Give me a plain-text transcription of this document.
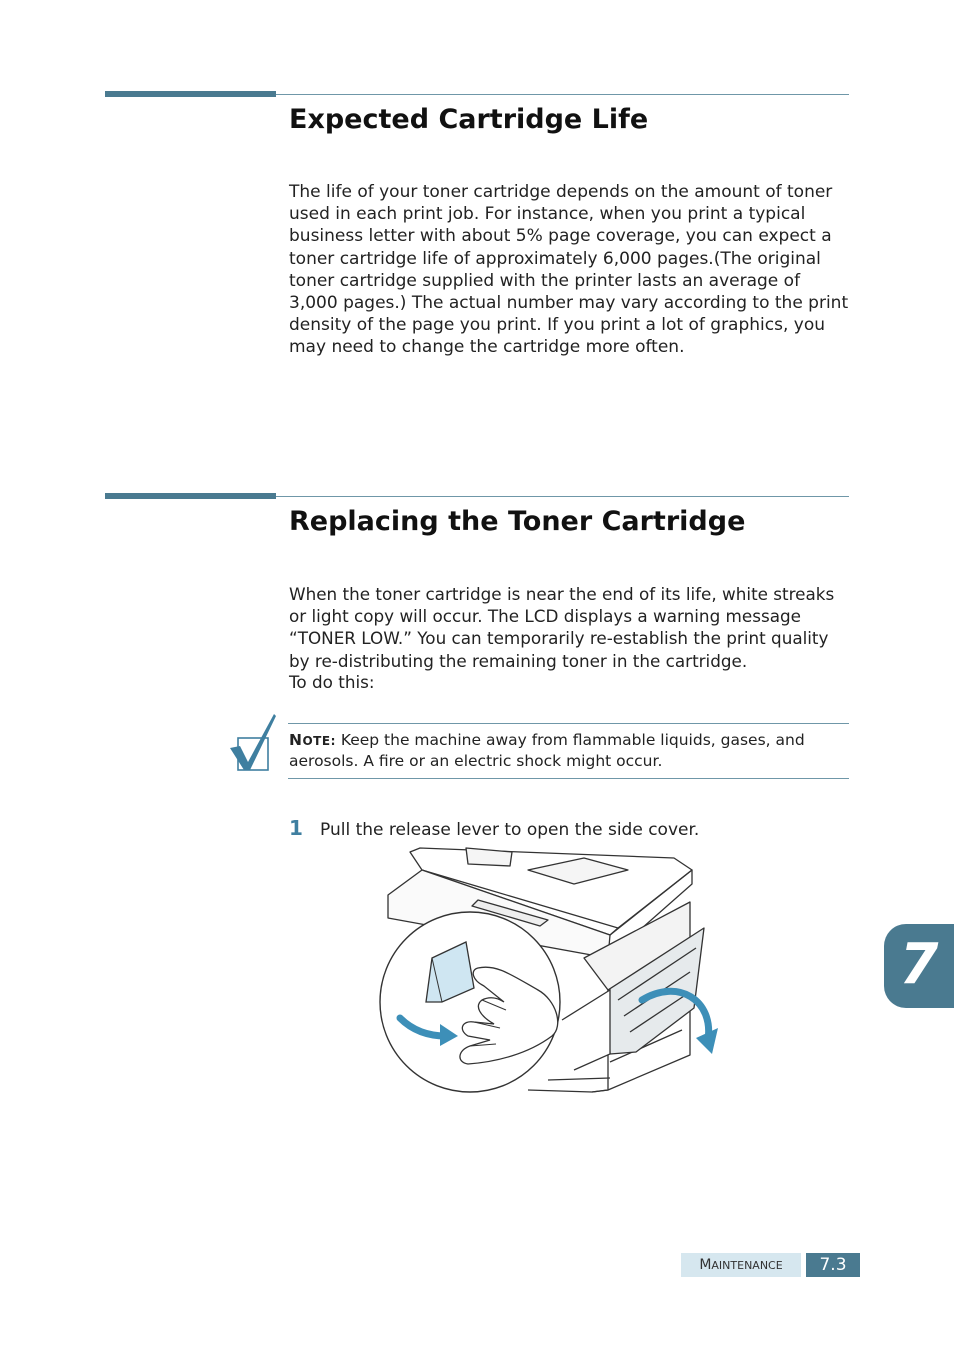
Expected Cartridge Life

The life of your toner cartridge depends on the amount of toner used in each print job. For instance, when you print a typical business letter with about 5% page coverage, you can expect a toner cartridge life of approximately 6,000 pages.(The original toner cartridge supplied with the printer lasts an average of 3,000 pages.) The actual number may vary according to the print density of the page you print. If you print a lot of graphics, you may need to change the cartridge more often.

Replacing the Toner Cartridge

When the toner cartridge is near the end of its life, white streaks or light copy will occur. The LCD displays a warning message “TONER LOW.” You can temporarily re-establish the print quality by re-distributing the remaining toner in the cartridge.

To do this:

NOTE: Keep the machine away from flammable liquids, gases, and aerosols. A fire or an electric shock might occur.

1 Pull the release lever to open the side cover.
7
MAINTENANCE	7.3
